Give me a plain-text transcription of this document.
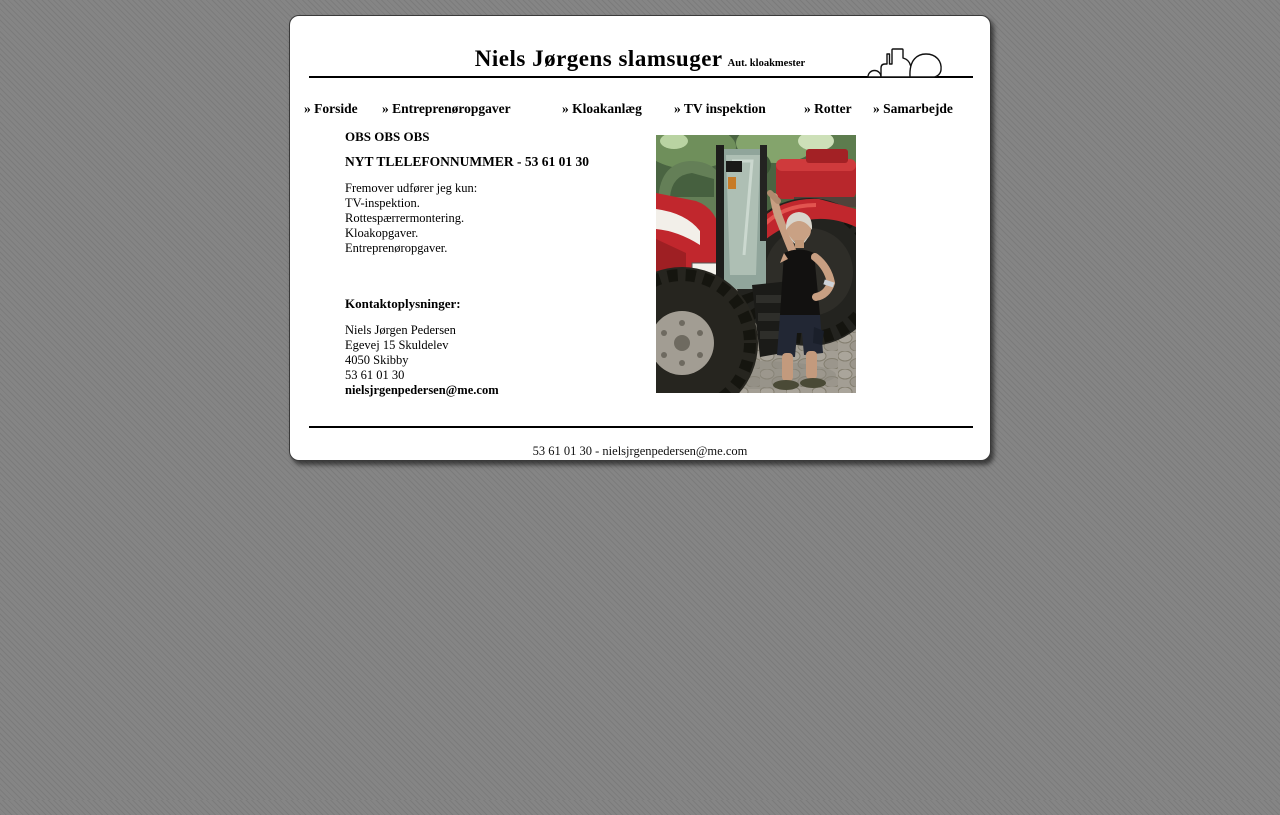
Niels Jørgens slamsuger Aut. kloakmester
» Forside » Entreprenøropgaver	» Kloakanlæg » TV inspektion	» Rotter » Samarbejde

OBS OBS OBS

NYT TLELEFONNUMMER - 53 61 01 30

Fremover udfører jeg kun:

TV-inspektion.

Rottespærrermontering.

Kloakopgaver.

Entreprenøropgaver.

Kontaktoplysninger:

Niels Jørgen Pedersen

Egevej 15 Skuldelev

4050 Skibby

53 61 01 30

nielsjrgenpedersen@me.com

53 61 01 30 - nielsjrgenpedersen@me.com
